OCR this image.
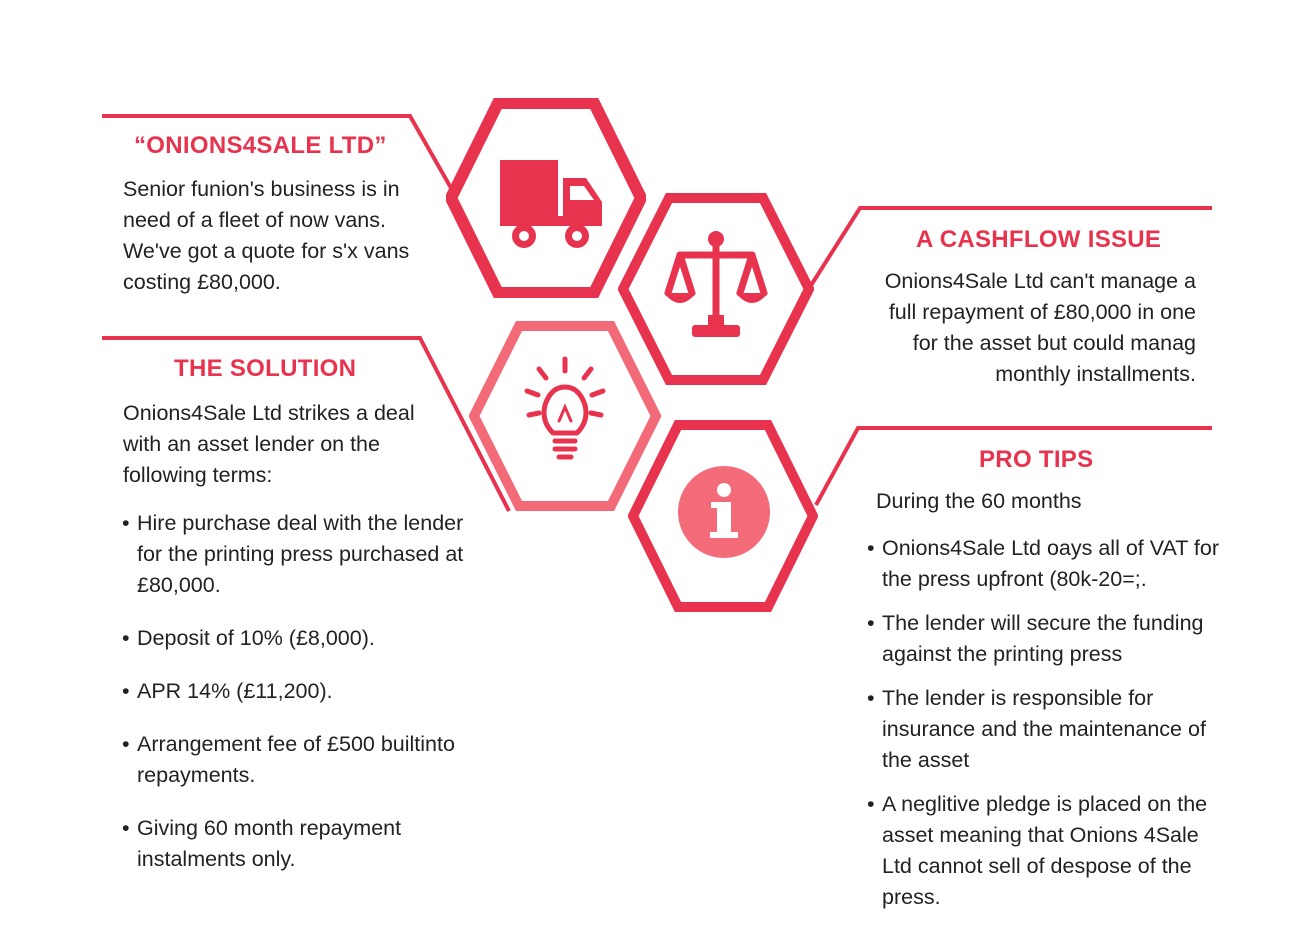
“ONIONS4SALE LTD”

Senior funion's business is in need of a fleet of now vans. We've got a quote for s'x vans costing £80,000.

A CASHFLOW ISSUE

Onions4Sale Ltd can't manage a full repayment of £80,000 in one for the asset but could manag monthly installments.

THE SOLUTION

Onions4Sale Ltd strikes a deal with an asset lender on the following terms:

• Hire purchase deal with the lender for the printing press purchased at £80,000.
• Deposit of 10% (£8,000).
• APR 14% (£11,200).
• Arrangement fee of £500 builtinto repayments.
• Giving 60 month repayment instalments only.
PRO TIPS

During the 60 months

• Onions4Sale Ltd oays all of VAT for the press upfront (80k-20=;.
• The lender will secure the funding against the printing press
• The lender is responsible for insurance and the maintenance of the asset
• A neglitive pledge is placed on the asset meaning that Onions 4Sale Ltd cannot sell of despose of the press.
